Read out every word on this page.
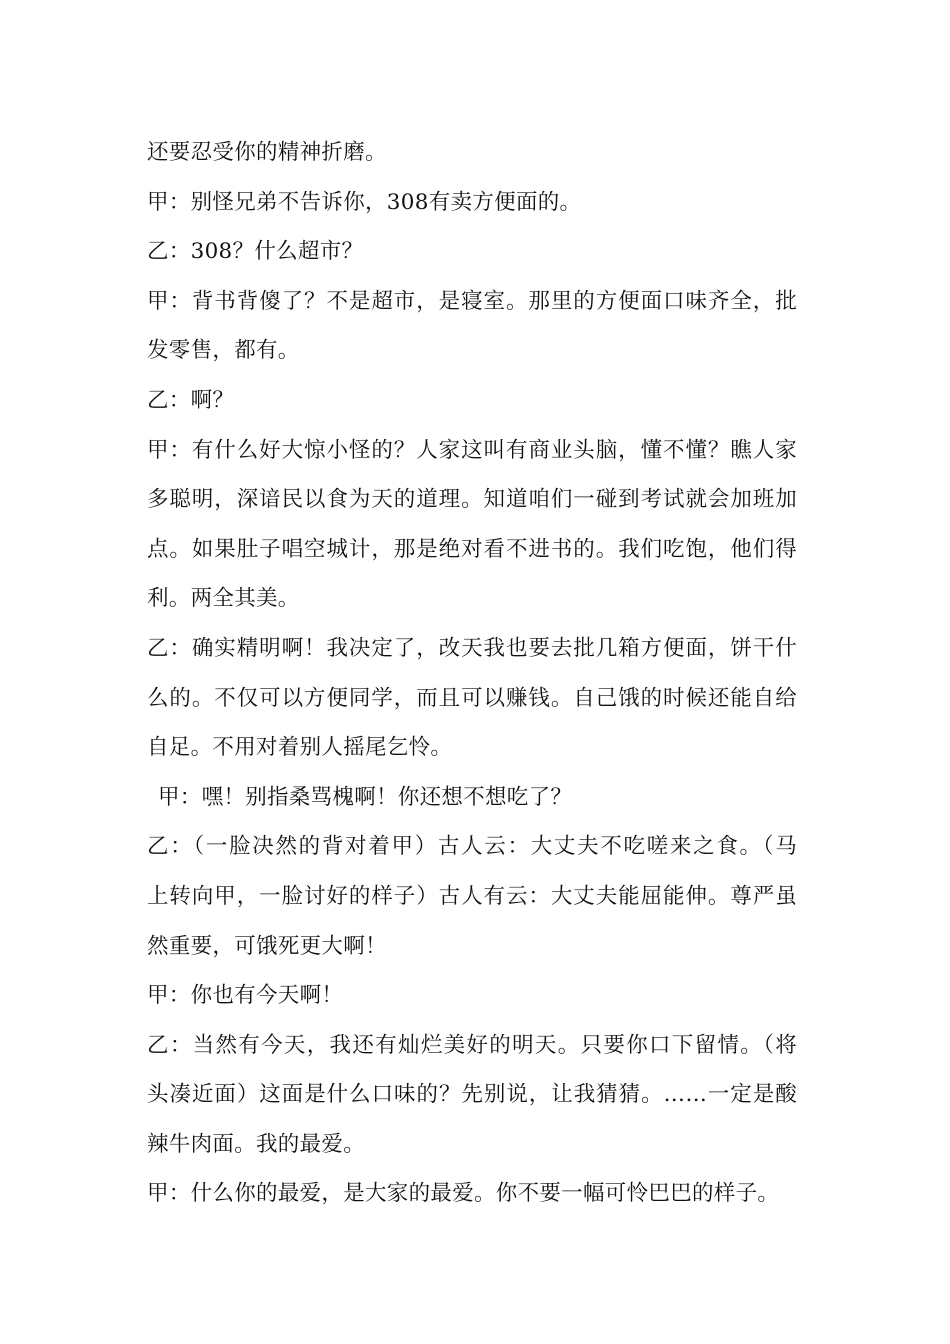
还要忍受你的精神折磨。
甲：别怪兄弟不告诉你，308有卖方便面的。
乙：308？什么超市？
甲：背书背傻了？不是超市，是寝室。那里的方便面口味齐全，批
发零售，都有。
乙：啊？
甲：有什么好大惊小怪的？人家这叫有商业头脑，懂不懂？瞧人家
多聪明，深谙民以食为天的道理。知道咱们一碰到考试就会加班加
点。如果肚子唱空城计，那是绝对看不进书的。我们吃饱，他们得
利。两全其美。
乙：确实精明啊！我决定了，改天我也要去批几箱方便面，饼干什
么的。不仅可以方便同学，而且可以赚钱。自己饿的时候还能自给
自足。不用对着别人摇尾乞怜。
甲：嘿！别指桑骂槐啊！你还想不想吃了？
乙：（一脸决然的背对着甲）古人云：大丈夫不吃嗟来之食。（马
上转向甲，一脸讨好的样子）古人有云：大丈夫能屈能伸。尊严虽
然重要，可饿死更大啊！
甲：你也有今天啊！
乙：当然有今天，我还有灿烂美好的明天。只要你口下留情。（将
头凑近面）这面是什么口味的？先别说，让我猜猜。……一定是酸
辣牛肉面。我的最爱。
甲：什么你的最爱，是大家的最爱。你不要一幅可怜巴巴的样子。
